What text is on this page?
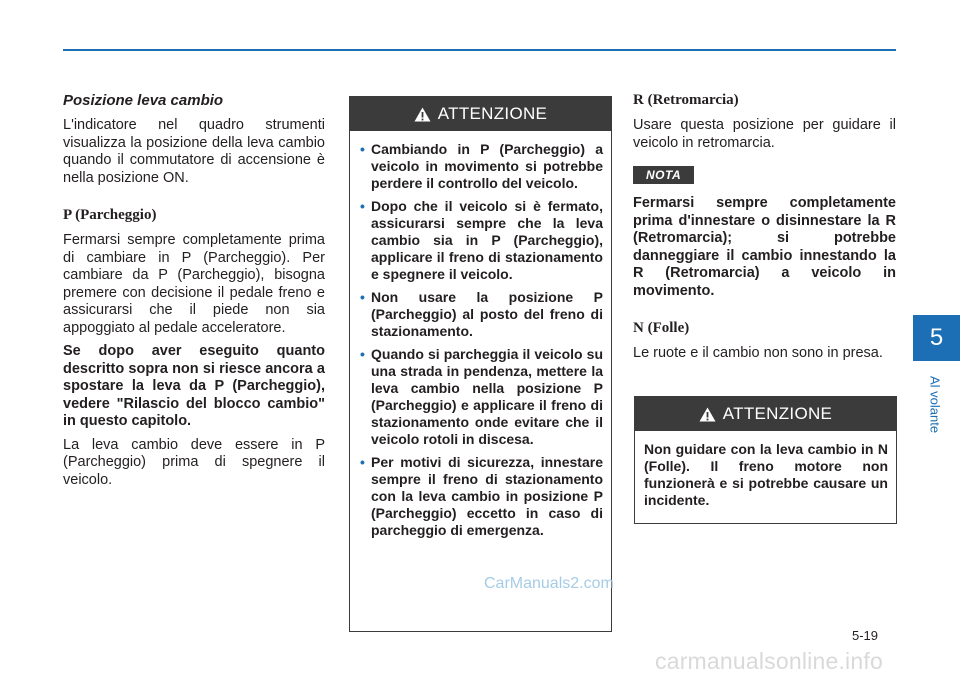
Posizione leva cambio

L'indicatore nel quadro strumenti visualizza la posizione della leva cambio quando il commutatore di accensione è nella posizione ON.

P (Parcheggio)

Fermarsi sempre completamente prima di cambiare in P (Parcheggio). Per cambiare da P (Parcheggio), bisogna premere con decisione il pedale freno e assicurarsi che il piede non sia appoggiato al pedale acceleratore.

Se dopo aver eseguito quanto descritto sopra non si riesce ancora a spostare la leva da P (Parcheggio), vedere "Rilascio del blocco cambio" in questo capitolo.

La leva cambio deve essere in P (Parcheggio) prima di spegnere il veicolo.

ATTENZIONE
• Cambiando in P (Parcheggio) a veicolo in movimento si potrebbe perdere il controllo del veicolo.
• Dopo che il veicolo si è fermato, assicurarsi sempre che la leva cambio sia in P (Parcheggio), applicare il freno di stazionamento e spegnere il veicolo.
• Non usare la posizione P (Parcheggio) al posto del freno di stazionamento.
• Quando si parcheggia il veicolo su una strada in pendenza, mettere la leva cambio nella posizione P (Parcheggio) e applicare il freno di stazionamento onde evitare che il veicolo rotoli in discesa.
• Per motivi di sicurezza, innestare sempre il freno di stazionamento con la leva cambio in posizione P (Parcheggio) eccetto in caso di parcheggio di emergenza.
R (Retromarcia)

Usare questa posizione per guidare il veicolo in retromarcia.

NOTA

Fermarsi sempre completamente prima d'innestare o disinnestare la R (Retromarcia); si potrebbe danneggiare il cambio innestando la R (Retromarcia) a veicolo in movimento.

N (Folle)

Le ruote e il cambio non sono in presa.

ATTENZIONE
Non guidare con la leva cambio in N (Folle). Il freno motore non funzionerà e si potrebbe causare un incidente.
5
Al volante
5-19
CarManuals2.com
carmanualsonline.info
